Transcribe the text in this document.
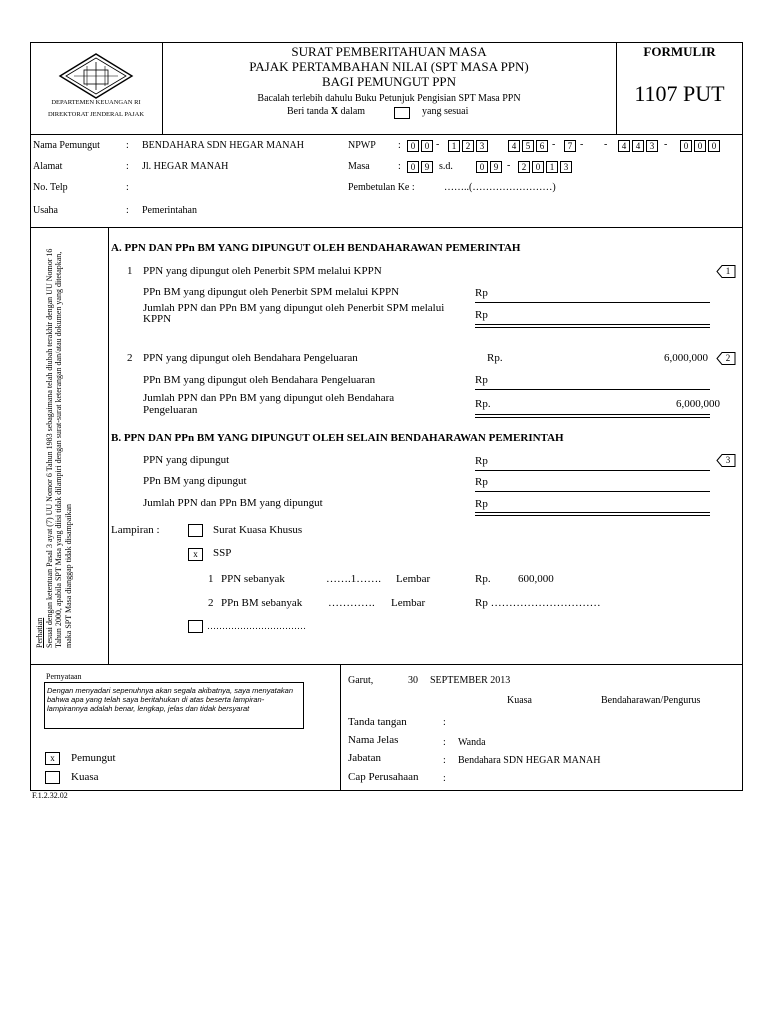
DEPARTEMEN KEUANGAN RI
DIREKTORAT JENDERAL PAJAK
SURAT PEMBERITAHUAN MASA
PAJAK PERTAMBAHAN NILAI (SPT MASA PPN)
BAGI PEMUNGUT PPN
Bacalah terlebih dahulu Buku Petunjuk Pengisian SPT Masa PPN
Beri tanda X dalam	yang sesuai
FORMULIR
1107 PUT
Nama Pemungut	: BENDAHARA SDN HEGAR MANAH
Alamat	: Jl. HEGAR MANAH
No. Telp	:
Usaha	: Pemerintahan
NPWP :	0	0 -	1	2	3	4	5	6 -	7 -	4	4	3 -	0	0	0
-
Masa	:	0	9 s.d.	0	9 -	2	0	1	3
Pembetulan Ke :	……..(……………………)
Perhatian Sesuai dengan ketentuan Pasal 3 ayat (7) UU Nomor 6 Tahun 1983 sebagaimana telah diubah terakhir dengan UU Nomor 16 Tahun 2000, apabila SPT Masa yang diisi tidak dilampiri dengan surat-surat keterangan dan/atau dokumen yang ditetapkan, maka SPT Masa dianggap tidak disampaikan
A. PPN DAN PPn BM YANG DIPUNGUT OLEH BENDAHARAWAN PEMERINTAH
1 PPN yang dipungut oleh Penerbit SPM melalui KPPN	1
PPn BM yang dipungut oleh Penerbit SPM melalui KPPN	Rp
Jumlah PPN dan PPn BM yang dipungut oleh Penerbit SPM melalui KPPN	Rp
2 PPN yang dipungut oleh Bendahara Pengeluaran	Rp.	6,000,000	2
PPn BM yang dipungut oleh Bendahara Pengeluaran	Rp
Jumlah PPN dan PPn BM yang dipungut oleh Bendahara Pengeluaran	Rp.	6,000,000
B. PPN DAN PPn BM YANG DIPUNGUT OLEH SELAIN BENDAHARAWAN PEMERINTAH
PPN yang dipungut	Rp	3
PPn BM yang dipungut	Rp
Jumlah PPN dan PPn BM yang dipungut	Rp
Lampiran :	Surat Kuasa Khusus
x	SSP
1 PPN sebanyak	…….1……. Lembar	Rp. 600,000
2 PPn BM sebanyak …………. Lembar	Rp …………………………
……………………………
Pernyataan
Dengan menyadari sepenuhnya akan segala akibatnya, saya menyatakan bahwa apa yang telah saya beritahukan di atas beserta lampiran-lampirannya adalah benar, lengkap, jelas dan tidak bersyarat
x	Pemungut
Kuasa
Garut,	30 SEPTEMBER 2013
Kuasa	Bendaharawan/Pengurus
Tanda tangan	:
Nama Jelas	: Wanda
Jabatan	: Bendahara SDN HEGAR MANAH
Cap Perusahaan :
F.1.2.32.02
